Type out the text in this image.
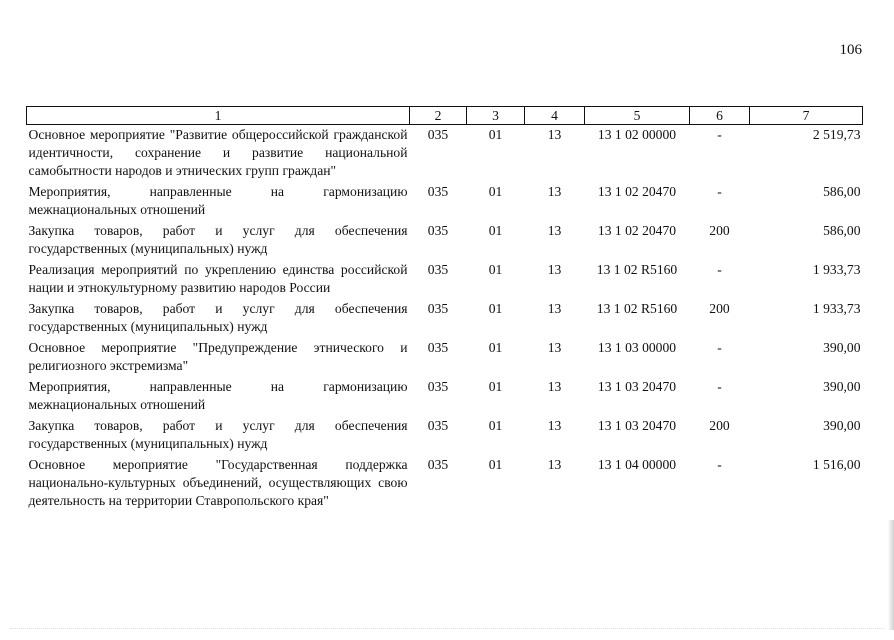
106
1	2	3	4	5	6	7
Основное мероприятие "Развитие общероссийской гражданской идентичности, сохранение и развитие национальной самобытности народов и этнических групп граждан"	035	01	13	13 1 02 00000	-	2 519,73
Мероприятия, направленные на гармонизацию межнациональных отношений	035	01	13	13 1 02 20470	-	586,00
Закупка товаров, работ и услуг для обеспечения государственных (муниципальных) нужд	035	01	13	13 1 02 20470	200	586,00
Реализация мероприятий по укреплению единства российской нации и этнокультурному развитию народов России	035	01	13	13 1 02 R5160	-	1 933,73
Закупка товаров, работ и услуг для обеспечения государственных (муниципальных) нужд	035	01	13	13 1 02 R5160	200	1 933,73
Основное мероприятие "Предупреждение этнического и религиозного экстремизма"	035	01	13	13 1 03 00000	-	390,00
Мероприятия, направленные на гармонизацию межнациональных отношений	035	01	13	13 1 03 20470	-	390,00
Закупка товаров, работ и услуг для обеспечения государственных (муниципальных) нужд	035	01	13	13 1 03 20470	200	390,00
Основное мероприятие "Государственная поддержка национально-культурных объединений, осуществляющих свою деятельность на территории Ставропольского края"	035	01	13	13 1 04 00000	-	1 516,00
